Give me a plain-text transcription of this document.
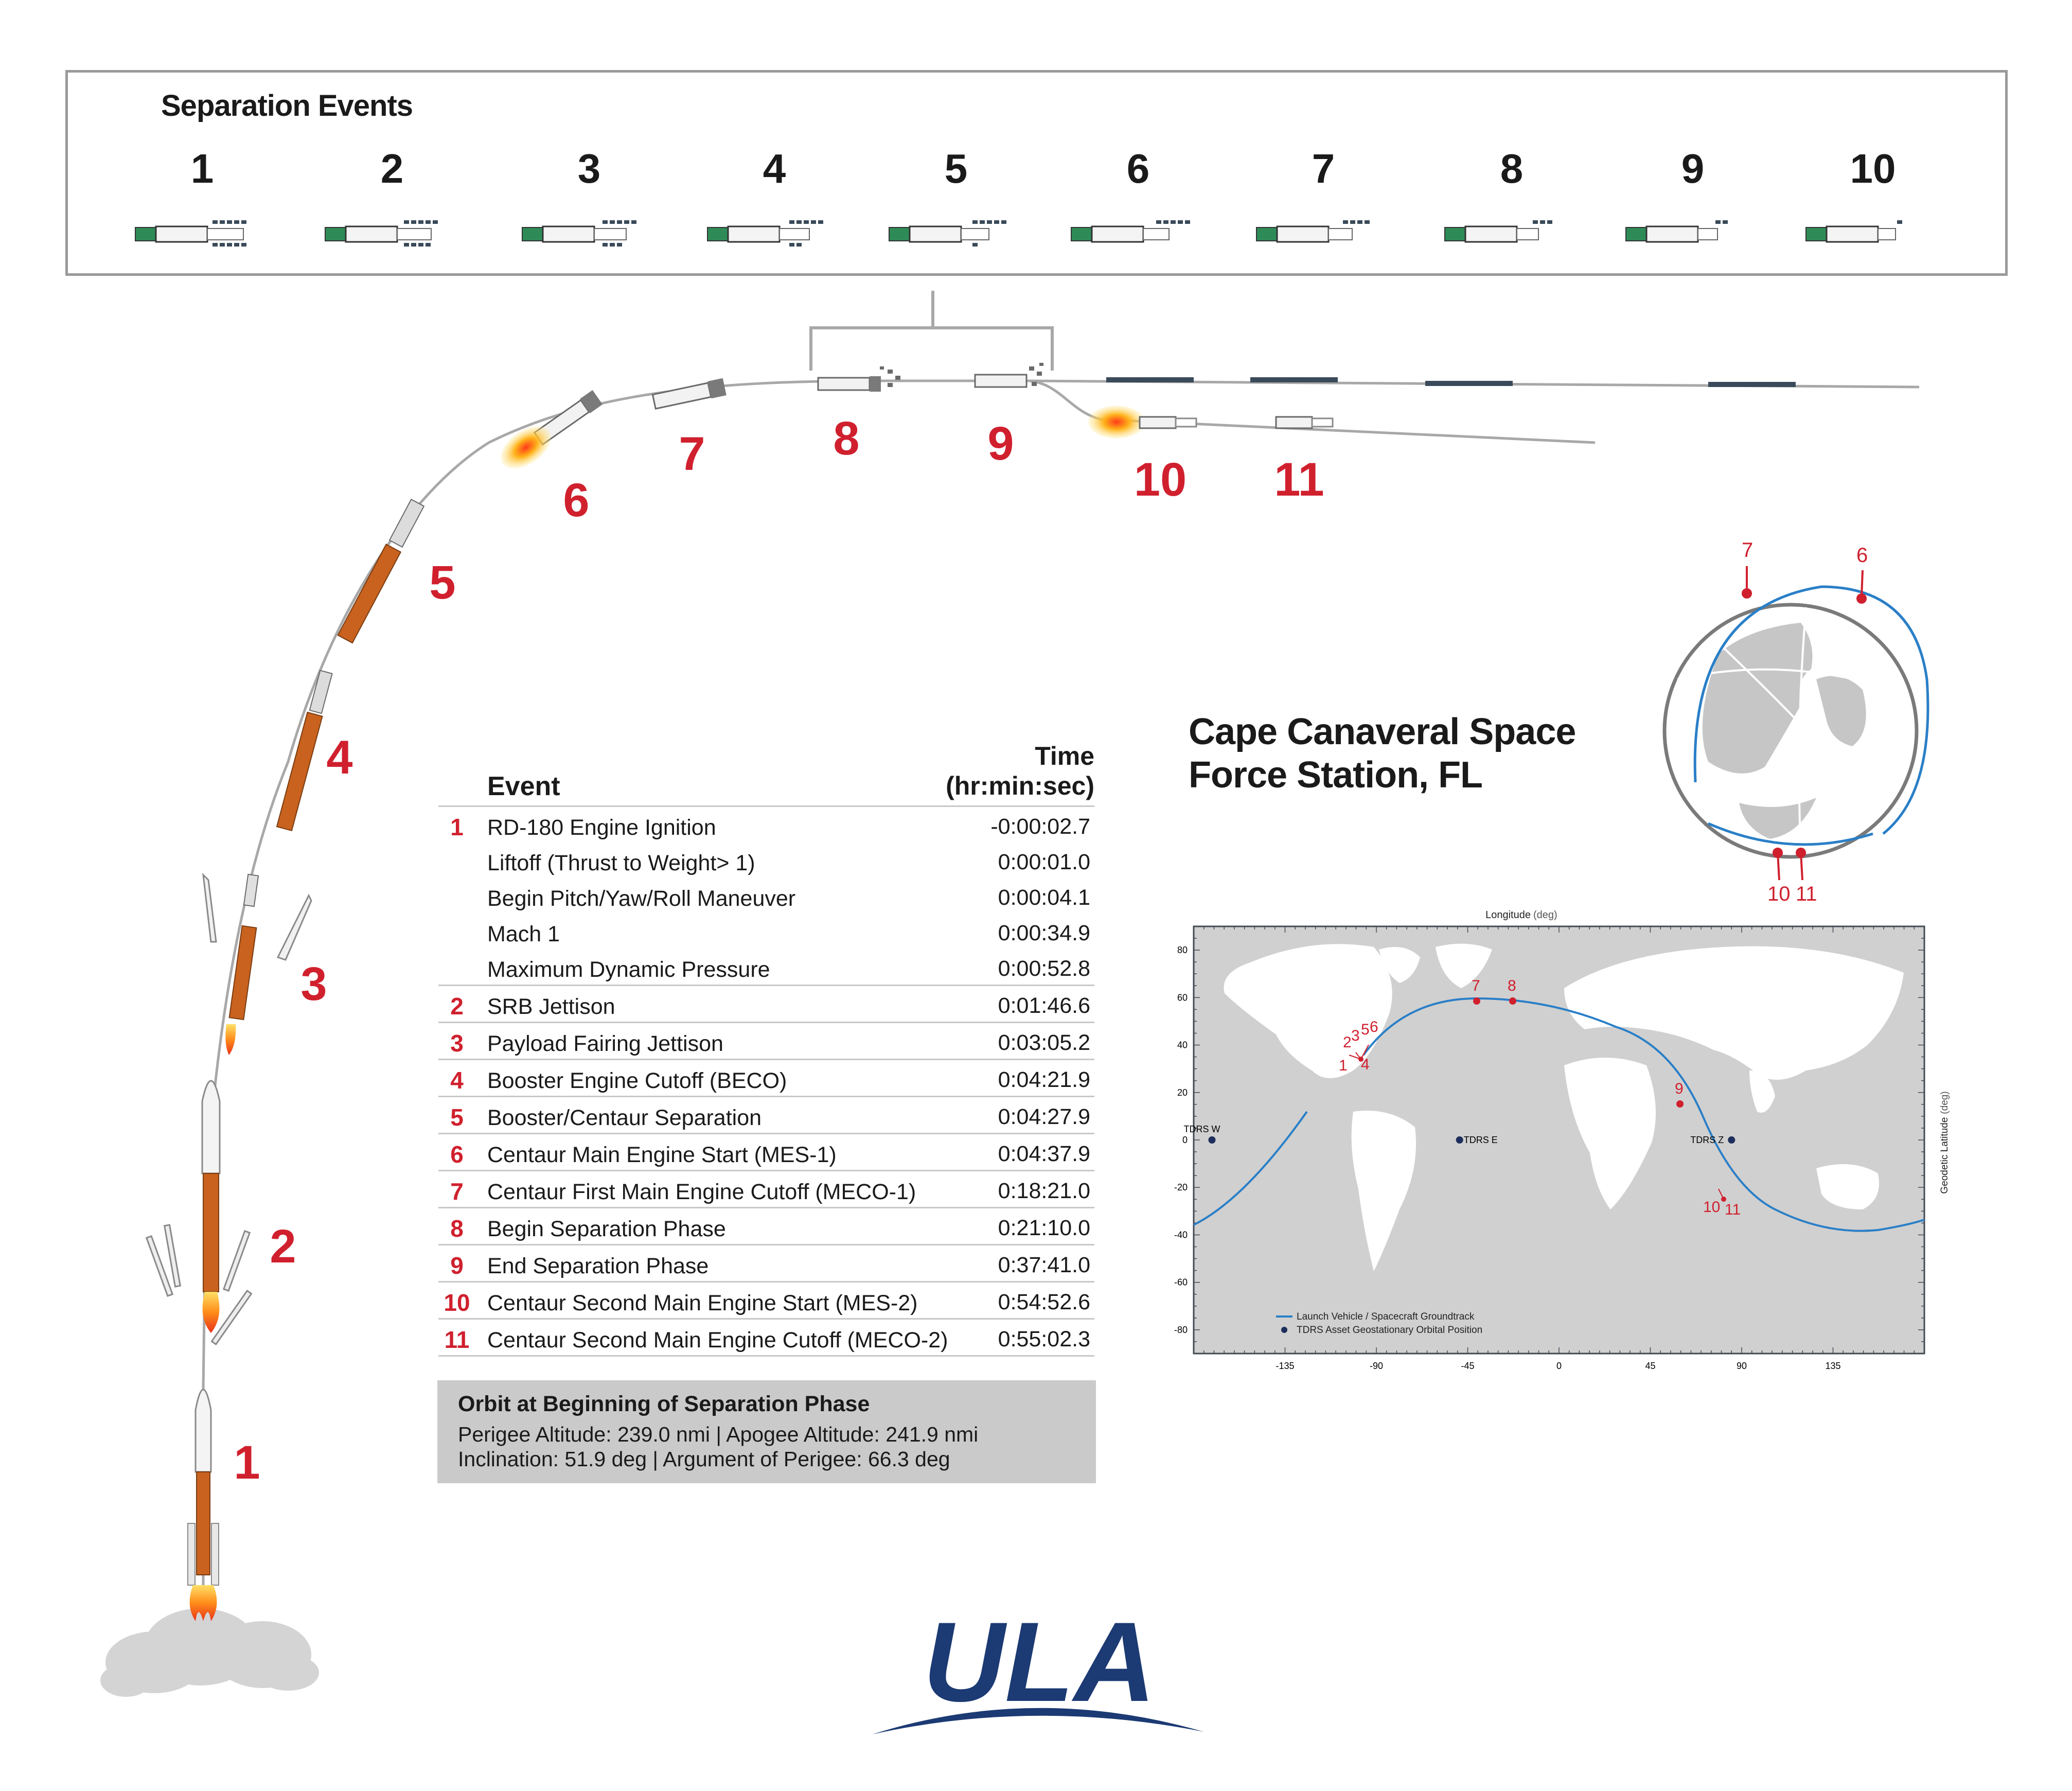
Separation Events
1	2	3	4	5	6	7	8	9	10
1
2
3
4
5
6
7	8	9
10	11
Event
Time
(hr:min:sec)
1	RD-180 Engine Ignition	-0:00:02.7
Liftoff (Thrust to Weight> 1)	0:00:01.0
Begin Pitch/Yaw/Roll Maneuver	0:00:04.1
Mach 1	0:00:34.9
Maximum Dynamic Pressure	0:00:52.8
2	SRB Jettison	0:01:46.6
3	Payload Fairing Jettison	0:03:05.2
4	Booster Engine Cutoff (BECO)	0:04:21.9
5	Booster/Centaur Separation	0:04:27.9
6	Centaur Main Engine Start (MES-1)	0:04:37.9
7	Centaur First Main Engine Cutoff (MECO-1)	0:18:21.0
8	Begin Separation Phase	0:21:10.0
9	End Separation Phase	0:37:41.0
10 Centaur Second Main Engine Start (MES-2)	0:54:52.6
11 Centaur Second Main Engine Cutoff (MECO-2) 0:55:02.3
Orbit at Beginning of Separation Phase
Perigee Altitude: 239.0 nmi | Apogee Altitude: 241.9 nmi
Inclination: 51.9 deg | Argument of Perigee: 66.3 deg
Cape Canaveral Space
Force Station, FL
7	6
10 11
Longitude (deg)
TDRS W
TDRS E	TDRS Z
1
2 3
4
5 6
7 8
9
10 11
Launch Vehicle / Spacecraft Groundtrack
TDRS Asset Geostationary Orbital Position
Geodetic Latitude(deg)
80
60
40
20
0
-20
-40
-60
-80
-135	-90	-45	0	45	90	135
ULA
